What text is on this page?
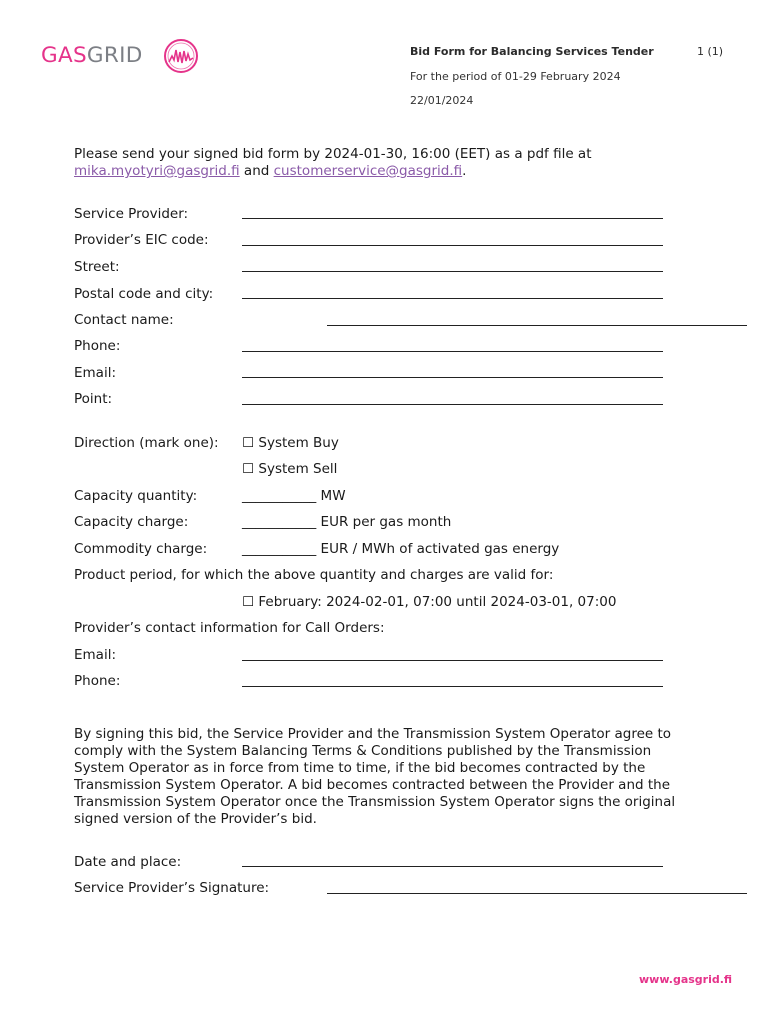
GASGRID	Bid Form for Balancing Services Tender	1 (1)
For the period of 01-29 February 2024
22/01/2024
Please send your signed bid form by 2024-01-30, 16:00 (EET) as a pdf file at
mika.myotyri@gasgrid.fi and customerservice@gasgrid.fi.
Service Provider:
Provider’s EIC code:
Street:
Postal code and city:
Contact name:
Phone:
Email:
Point:
Direction (mark one): ☐ System Buy
☐ System Sell
Capacity quantity:	___________ MW
Capacity charge:	___________ EUR per gas month
Commodity charge:	___________ EUR / MWh of activated gas energy
Product period, for which the above quantity and charges are valid for:
☐ February: 2024-02-01, 07:00 until 2024-03-01, 07:00
Provider’s contact information for Call Orders:
Email:
Phone:
By signing this bid, the Service Provider and the Transmission System Operator agree to comply with the System Balancing Terms & Conditions published by the Transmission System Operator as in force from time to time, if the bid becomes contracted by the Transmission System Operator. A bid becomes contracted between the Provider and the Transmission System Operator once the Transmission System Operator signs the original signed version of the Provider’s bid.
Date and place:
Service Provider’s Signature:
www.gasgrid.fi
